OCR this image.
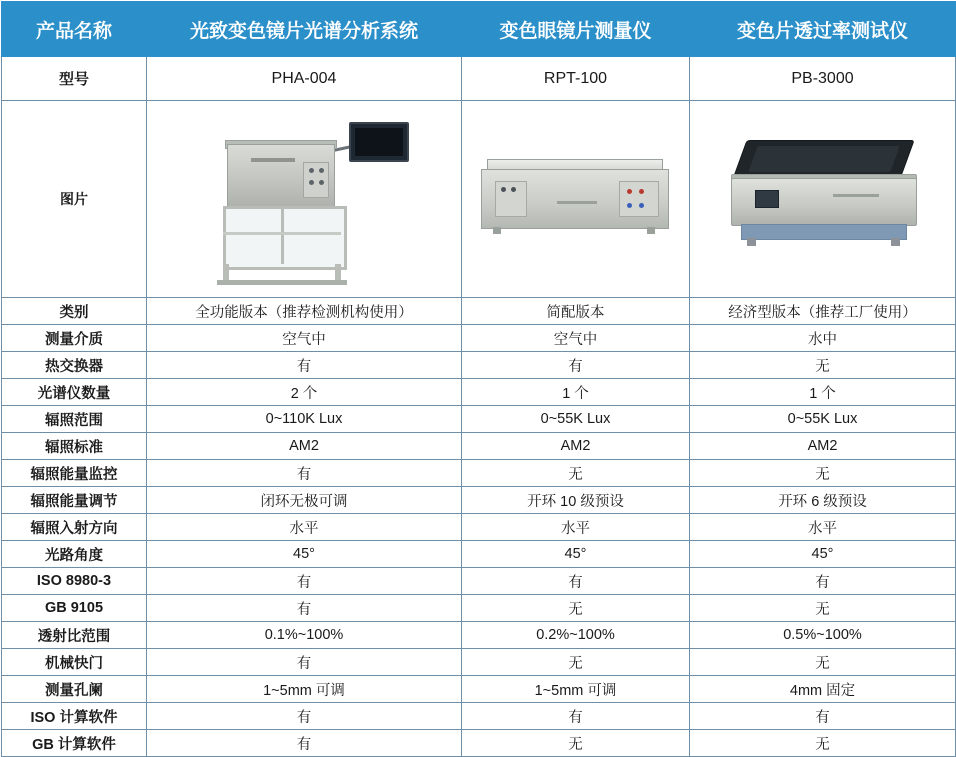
产品名称	光致变色镜片光谱分析系统	变色眼镜片测量仪	变色片透过率测试仪
型号	PHA-004	RPT-100	PB-3000
图片	

类别	全功能版本（推荐检测机构使用）	简配版本	经济型版本（推荐工厂使用）
测量介质	空气中	空气中	水中
热交换器	有	有	无
光谱仪数量	2 个	1 个	1 个
辐照范围	0~110K Lux	0~55K Lux	0~55K Lux
辐照标准	AM2	AM2	AM2
辐照能量监控	有	无	无
辐照能量调节	闭环无极可调	开环 10 级预设	开环 6 级预设
辐照入射方向	水平	水平	水平
光路角度	45°	45°	45°
ISO 8980-3	有	有	有
GB 9105	有	无	无
透射比范围	0.1%~100%	0.2%~100%	0.5%~100%
机械快门	有	无	无
测量孔阑	1~5mm 可调	1~5mm 可调	4mm 固定
ISO 计算软件	有	有	有
GB 计算软件	有	无	无
